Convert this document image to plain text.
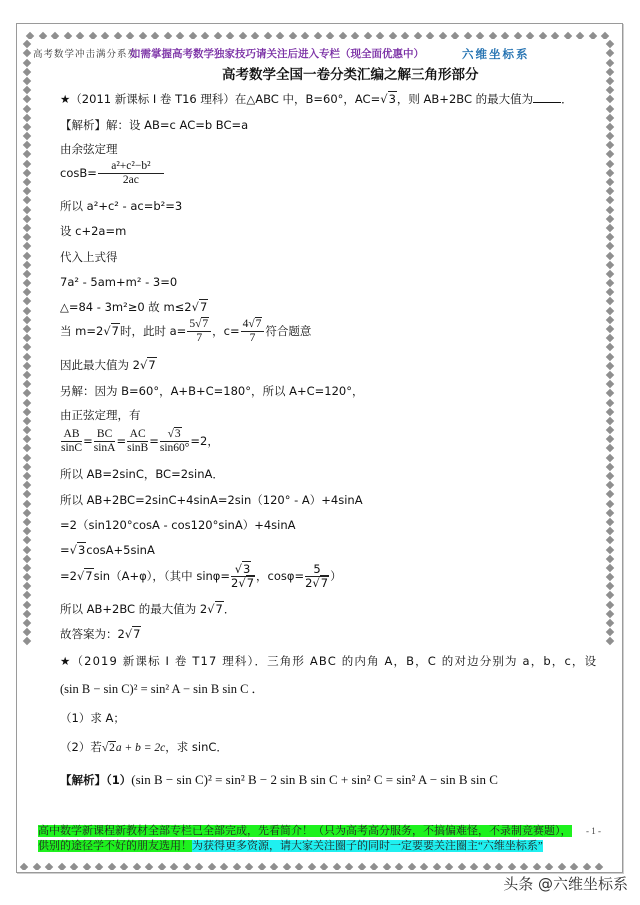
高考数学冲击满分系列
如需掌握高考数学独家技巧请关注后进入专栏（现全面优惠中）	六维坐标系
高考数学全国一卷分类汇编之解三角形部分
★（2011 新课标 I 卷 T16 理科）在△ABC 中，B=60°，AC=√3，则 AB+2BC 的最大值为 ．
【解析】解：设 AB=c AC=b BC=a
由余弦定理
$\cos B= \frac{\text{a²+c²−b²}}{2ac}$
所以 a²+c² - ac=b²=3
设 c+2a=m
代入上式得
7a² - 5am+m² - 3=0
△=84 - 3m²≥0 故 m≤2√7
当 m=2√7时，此时 $a= \frac{5√7}{7}$ ，$c= \frac{4√7}{7}$ 符合题意
因此最大值为 2√7
另解：因为 B=60°，A+B+C=180°，所以 A+C=120°，
由正弦定理，有
$\frac{AB}{\sin C} = \frac{BC}{\sin A} = \frac{AC}{\sin B} = \frac{√3}{\sin 60^\circ} =2$，
所以 AB=2sinC，BC=2sinA．
所以 AB+2BC=2sinC+4sinA=2sin（120° - A）+4sinA
=2（sin120°cosA - cos120°sinA）+4sinA
=√3cosA+5sinA
=2√7sin（A+φ），（其中 $\sin\varphi= \frac{√3}{2√7}$ ，$\cos\varphi= \frac{5}{2√7}$ ）
所以 AB+2BC 的最大值为 2√7．
故答案为：2√7
★（2019 新课标 I 卷 T17 理科）．三角形 ABC 的内角 A，B，C 的对边分别为 a，b，c，设
(sin B − sin C)² = sin² A − sin B sin C ．
（1）求 A；
（2）若√2a + b = 2c，求 sinC．
【解析】（1）(sin B − sin C)² = sin² B − 2 sin B sin C + sin² C = sin² A − sin B sin C
高中数学新课程新教材全部专栏已全部完成，先看简介！（只为高考高分服务，不搞偏难怪，不录制竞赛题），
供别的途径学不好的朋友选用！为获得更多资源，请大家关注圈子的同时一定要要关注圈主“六维坐标系”
- 1 -
头条 @六维坐标系
